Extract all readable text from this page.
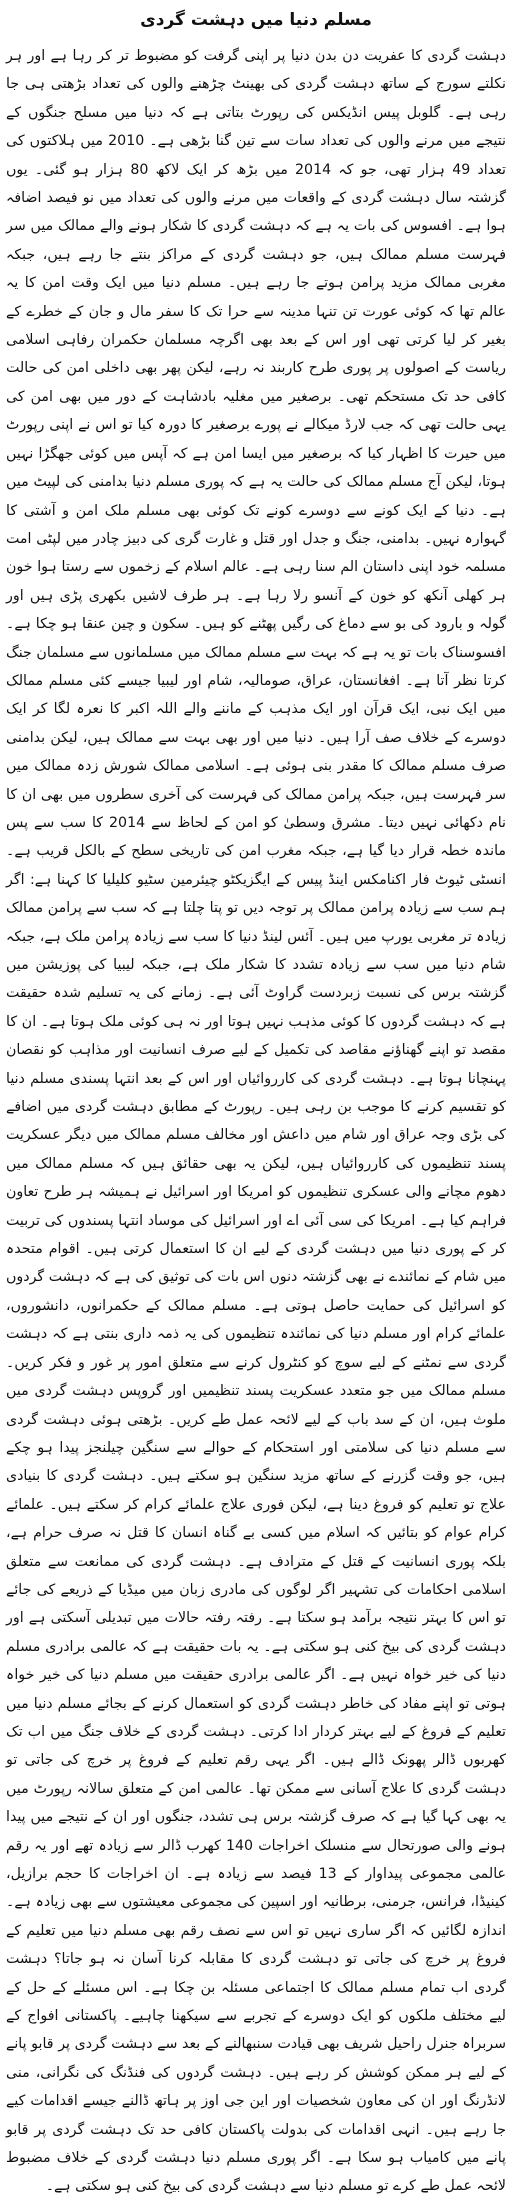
مسلم دنیا میں دہشت گردی

دہشت گردی کا عفریت دن بدن دنیا پر اپنی گرفت کو مضبوط تر کر رہا ہے اور ہر نکلتے سورج کے ساتھ دہشت گردی کی بھینٹ چڑھنے والوں کی تعداد بڑھتی ہی جا رہی ہے۔ گلوبل پیس انڈیکس کی رپورٹ بتاتی ہے کہ دنیا میں مسلح جنگوں کے نتیجے میں مرنے والوں کی تعداد سات سے تین گنا بڑھی ہے۔ 2010 میں ہلاکتوں کی تعداد 49 ہزار تھی، جو کہ 2014 میں بڑھ کر ایک لاکھ 80 ہزار ہو گئی۔ یوں گزشتہ سال دہشت گردی کے واقعات میں مرنے والوں کی تعداد میں نو فیصد اضافہ ہوا ہے۔ افسوس کی بات یہ ہے کہ دہشت گردی کا شکار ہونے والے ممالک میں سر فہرست مسلم ممالک ہیں، جو دہشت گردی کے مراکز بنتے جا رہے ہیں، جبکہ مغربی ممالک مزید پرامن ہوتے جا رہے ہیں۔ مسلم دنیا میں ایک وقت امن کا یہ عالم تھا کہ کوئی عورت تن تنہا مدینہ سے حرا تک کا سفر مال و جان کے خطرے کے بغیر کر لیا کرتی تھی اور اس کے بعد بھی اگرچہ مسلمان حکمران رفاہی اسلامی ریاست کے اصولوں پر پوری طرح کاربند نہ رہے، لیکن پھر بھی داخلی امن کی حالت کافی حد تک مستحکم تھی۔ برصغیر میں مغلیہ بادشاہت کے دور میں بھی امن کی یہی حالت تھی کہ جب لارڈ میکالے نے پورے برصغیر کا دورہ کیا تو اس نے اپنی رپورٹ میں حیرت کا اظہار کیا کہ برصغیر میں ایسا امن ہے کہ آپس میں کوئی جھگڑا نہیں ہوتا، لیکن آج مسلم ممالک کی حالت یہ ہے کہ پوری مسلم دنیا بدامنی کی لپیٹ میں ہے۔ دنیا کے ایک کونے سے دوسرے کونے تک کوئی بھی مسلم ملک امن و آشتی کا گہوارہ نہیں۔ بدامنی، جنگ و جدل اور قتل و غارت گری کی دبیز چادر میں لپٹی امت مسلمہ خود اپنی داستان الم سنا رہی ہے۔ عالم اسلام کے زخموں سے رستا ہوا خون ہر کھلی آنکھ کو خون کے آنسو رلا رہا ہے۔ ہر طرف لاشیں بکھری پڑی ہیں اور گولہ و بارود کی بو سے دماغ کی رگیں پھٹنے کو ہیں۔ سکون و چین عنقا ہو چکا ہے۔ افسوسناک بات تو یہ ہے کہ بہت سے مسلم ممالک میں مسلمانوں سے مسلمان جنگ کرتا نظر آتا ہے۔ افغانستان، عراق، صومالیہ، شام اور لیبیا جیسے کئی مسلم ممالک میں ایک نبی، ایک قرآن اور ایک مذہب کے ماننے والے اللہ اکبر کا نعرہ لگا کر ایک دوسرے کے خلاف صف آرا ہیں۔ دنیا میں اور بھی بہت سے ممالک ہیں، لیکن بدامنی صرف مسلم ممالک کا مقدر بنی ہوئی ہے۔ اسلامی ممالک شورش زدہ ممالک میں سر فہرست ہیں، جبکہ پرامن ممالک کی فہرست کی آخری سطروں میں بھی ان کا نام دکھائی نہیں دیتا۔ مشرق وسطیٰ کو امن کے لحاظ سے 2014 کا سب سے پس ماندہ خطہ قرار دیا گیا ہے، جبکہ مغرب امن کی تاریخی سطح کے بالکل قریب ہے۔ انسٹی ٹیوٹ فار اکنامکس اینڈ پیس کے ایگزیکٹو چیئرمین سٹیو کلیلیا کا کہنا ہے: اگر ہم سب سے زیادہ پرامن ممالک پر توجہ دیں تو پتا چلتا ہے کہ سب سے پرامن ممالک زیادہ تر مغربی یورپ میں ہیں۔ آئس لینڈ دنیا کا سب سے زیادہ پرامن ملک ہے، جبکہ شام دنیا میں سب سے زیادہ تشدد کا شکار ملک ہے، جبکہ لیبیا کی پوزیشن میں گزشتہ برس کی نسبت زبردست گراوٹ آئی ہے۔ زمانے کی یہ تسلیم شدہ حقیقت ہے کہ دہشت گردوں کا کوئی مذہب نہیں ہوتا اور نہ ہی کوئی ملک ہوتا ہے۔ ان کا مقصد تو اپنے گھناؤنے مقاصد کی تکمیل کے لیے صرف انسانیت اور مذاہب کو نقصان پہنچانا ہوتا ہے۔ دہشت گردی کی کارروائیاں اور اس کے بعد انتہا پسندی مسلم دنیا کو تقسیم کرنے کا موجب بن رہی ہیں۔ رپورٹ کے مطابق دہشت گردی میں اضافے کی بڑی وجہ عراق اور شام میں داعش اور مخالف مسلم ممالک میں دیگر عسکریت پسند تنظیموں کی کارروائیاں ہیں، لیکن یہ بھی حقائق ہیں کہ مسلم ممالک میں دھوم مچانے والی عسکری تنظیموں کو امریکا اور اسرائیل نے ہمیشہ ہر طرح تعاون فراہم کیا ہے۔ امریکا کی سی آئی اے اور اسرائیل کی موساد انتہا پسندوں کی تربیت کر کے پوری دنیا میں دہشت گردی کے لیے ان کا استعمال کرتی ہیں۔ اقوام متحدہ میں شام کے نمائندے نے بھی گزشتہ دنوں اس بات کی توثیق کی ہے کہ دہشت گردوں کو اسرائیل کی حمایت حاصل ہوتی ہے۔ مسلم ممالک کے حکمرانوں، دانشوروں، علمائے کرام اور مسلم دنیا کی نمائندہ تنظیموں کی یہ ذمہ داری بنتی ہے کہ دہشت گردی سے نمٹنے کے لیے سوچ کو کنٹرول کرنے سے متعلق امور پر غور و فکر کریں۔ مسلم ممالک میں جو متعدد عسکریت پسند تنظیمیں اور گروپس دہشت گردی میں ملوث ہیں، ان کے سد باب کے لیے لائحہ عمل طے کریں۔ بڑھتی ہوئی دہشت گردی سے مسلم دنیا کی سلامتی اور استحکام کے حوالے سے سنگین چیلنجز پیدا ہو چکے ہیں، جو وقت گزرنے کے ساتھ مزید سنگین ہو سکتے ہیں۔ دہشت گردی کا بنیادی علاج تو تعلیم کو فروغ دینا ہے، لیکن فوری علاج علمائے کرام کر سکتے ہیں۔ علمائے کرام عوام کو بتائیں کہ اسلام میں کسی بے گناہ انسان کا قتل نہ صرف حرام ہے، بلکہ پوری انسانیت کے قتل کے مترادف ہے۔ دہشت گردی کی ممانعت سے متعلق اسلامی احکامات کی تشہیر اگر لوگوں کی مادری زبان میں میڈیا کے ذریعے کی جائے تو اس کا بہتر نتیجہ برآمد ہو سکتا ہے۔ رفتہ رفتہ حالات میں تبدیلی آسکتی ہے اور دہشت گردی کی بیخ کنی ہو سکتی ہے۔ یہ بات حقیقت ہے کہ عالمی برادری مسلم دنیا کی خیر خواہ نہیں ہے۔ اگر عالمی برادری حقیقت میں مسلم دنیا کی خیر خواہ ہوتی تو اپنے مفاد کی خاطر دہشت گردی کو استعمال کرنے کے بجائے مسلم دنیا میں تعلیم کے فروغ کے لیے بہتر کردار ادا کرتی۔ دہشت گردی کے خلاف جنگ میں اب تک کھربوں ڈالر پھونک ڈالے ہیں۔ اگر یہی رقم تعلیم کے فروغ پر خرچ کی جاتی تو دہشت گردی کا علاج آسانی سے ممکن تھا۔ عالمی امن کے متعلق سالانہ رپورٹ میں یہ بھی کہا گیا ہے کہ صرف گزشتہ برس ہی تشدد، جنگوں اور ان کے نتیجے میں پیدا ہونے والی صورتحال سے منسلک اخراجات 140 کھرب ڈالر سے زیادہ تھے اور یہ رقم عالمی مجموعی پیداوار کے 13 فیصد سے زیادہ ہے۔ ان اخراجات کا حجم برازیل، کینیڈا، فرانس، جرمنی، برطانیہ اور اسپین کی مجموعی معیشتوں سے بھی زیادہ ہے۔ اندازہ لگائیں کہ اگر ساری نہیں تو اس سے نصف رقم بھی مسلم دنیا میں تعلیم کے فروغ پر خرچ کی جاتی تو دہشت گردی کا مقابلہ کرنا آسان نہ ہو جاتا؟ دہشت گردی اب تمام مسلم ممالک کا اجتماعی مسئلہ بن چکا ہے۔ اس مسئلے کے حل کے لیے مختلف ملکوں کو ایک دوسرے کے تجربے سے سیکھنا چاہیے۔ پاکستانی افواج کے سربراہ جنرل راحیل شریف بھی قیادت سنبھالنے کے بعد سے دہشت گردی پر قابو پانے کے لیے ہر ممکن کوشش کر رہے ہیں۔ دہشت گردوں کی فنڈنگ کی نگرانی، منی لانڈرنگ اور ان کی معاون شخصیات اور این جی اوز پر ہاتھ ڈالنے جیسے اقدامات کیے جا رہے ہیں۔ انہی اقدامات کی بدولت پاکستان کافی حد تک دہشت گردی پر قابو پانے میں کامیاب ہو سکا ہے۔ اگر پوری مسلم دنیا دہشت گردی کے خلاف مضبوط لائحہ عمل طے کرے تو مسلم دنیا سے دہشت گردی کی بیخ کنی ہو سکتی ہے۔
